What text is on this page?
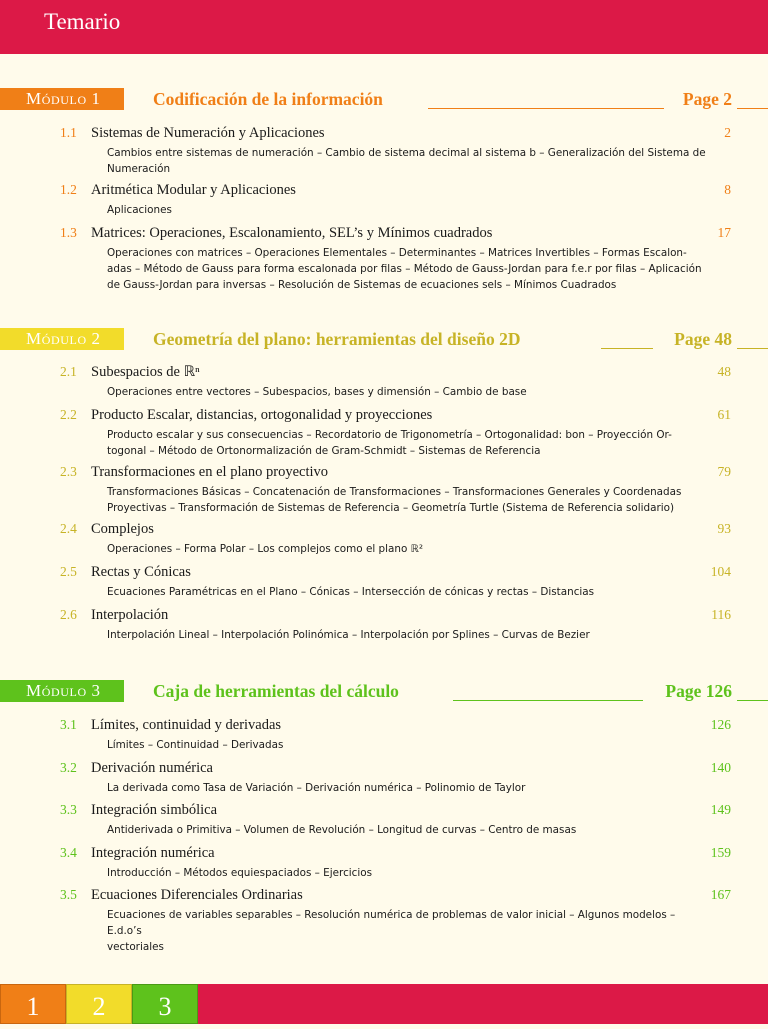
Temario
Módulo 1	Codificación de la información	Page 2
1.1 Sistemas de Numeración y Aplicaciones	2
Cambios entre sistemas de numeración – Cambio de sistema decimal al sistema b – Generalización del Sistema de
Numeración
1.2 Aritmética Modular y Aplicaciones	8
Aplicaciones
1.3 Matrices: Operaciones, Escalonamiento, SEL’s y Mínimos cuadrados	17
Operaciones con matrices – Operaciones Elementales – Determinantes – Matrices Invertibles – Formas Escalon-
adas – Método de Gauss para forma escalonada por filas – Método de Gauss-Jordan para f.e.r por filas – Aplicación
de Gauss-Jordan para inversas – Resolución de Sistemas de ecuaciones sels – Mínimos Cuadrados
Módulo 2	Geometría del plano: herramientas del diseño 2D	Page 48
2.1 Subespacios de ℝⁿ	48
Operaciones entre vectores – Subespacios, bases y dimensión – Cambio de base
2.2 Producto Escalar, distancias, ortogonalidad y proyecciones	61
Producto escalar y sus consecuencias – Recordatorio de Trigonometría – Ortogonalidad: bon – Proyección Or-
togonal – Método de Ortonormalización de Gram-Schmidt – Sistemas de Referencia
2.3 Transformaciones en el plano proyectivo	79
Transformaciones Básicas – Concatenación de Transformaciones – Transformaciones Generales y Coordenadas
Proyectivas – Transformación de Sistemas de Referencia – Geometría Turtle (Sistema de Referencia solidario)
2.4 Complejos	93
Operaciones – Forma Polar – Los complejos como el plano ℝ²
2.5 Rectas y Cónicas	104
Ecuaciones Paramétricas en el Plano – Cónicas – Intersección de cónicas y rectas – Distancias
2.6 Interpolación	116
Interpolación Lineal – Interpolación Polinómica – Interpolación por Splines – Curvas de Bezier
Módulo 3	Caja de herramientas del cálculo	Page 126
3.1 Límites, continuidad y derivadas	126
Límites – Continuidad – Derivadas
3.2 Derivación numérica	140
La derivada como Tasa de Variación – Derivación numérica – Polinomio de Taylor
3.3 Integración simbólica	149
Antiderivada o Primitiva – Volumen de Revolución – Longitud de curvas – Centro de masas
3.4 Integración numérica	159
Introducción – Métodos equiespaciados – Ejercicios
3.5 Ecuaciones Diferenciales Ordinarias	167
Ecuaciones de variables separables – Resolución numérica de problemas de valor inicial – Algunos modelos – E.d.o’s
vectoriales
1	2	3
